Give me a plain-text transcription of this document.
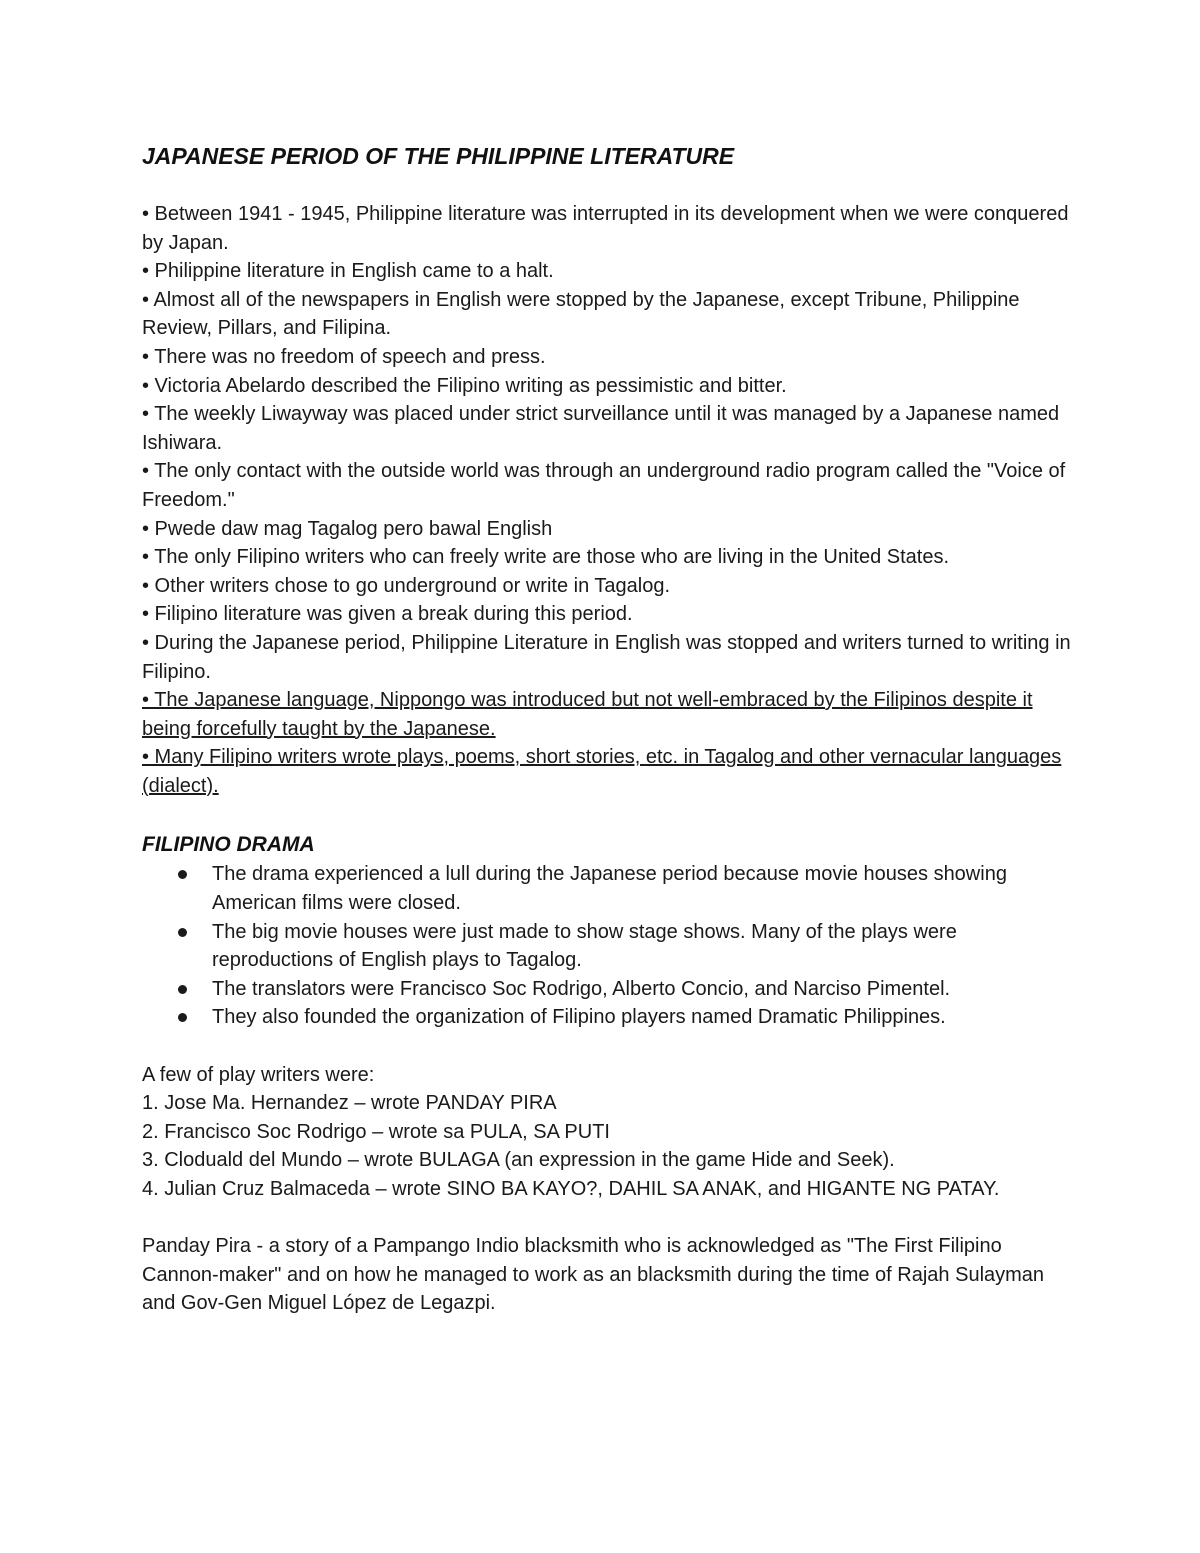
JAPANESE PERIOD OF THE PHILIPPINE LITERATURE

• Between 1941 - 1945, Philippine literature was interrupted in its development when we were conquered by Japan.

• Philippine literature in English came to a halt.

• Almost all of the newspapers in English were stopped by the Japanese, except Tribune, Philippine Review, Pillars, and Filipina.

• There was no freedom of speech and press.

• Victoria Abelardo described the Filipino writing as pessimistic and bitter.

• The weekly Liwayway was placed under strict surveillance until it was managed by a Japanese named Ishiwara.

• The only contact with the outside world was through an underground radio program called the "Voice of Freedom."

• Pwede daw mag Tagalog pero bawal English

• The only Filipino writers who can freely write are those who are living in the United States.

• Other writers chose to go underground or write in Tagalog.

• Filipino literature was given a break during this period.

• During the Japanese period, Philippine Literature in English was stopped and writers turned to writing in Filipino.

• The Japanese language, Nippongo was introduced but not well-embraced by the Filipinos despite it being forcefully taught by the Japanese.

• Many Filipino writers wrote plays, poems, short stories, etc. in Tagalog and other vernacular languages (dialect).

FILIPINO DRAMA
The drama experienced a lull during the Japanese period because movie houses showing American films were closed.
The big movie houses were just made to show stage shows. Many of the plays were reproductions of English plays to Tagalog.
The translators were Francisco Soc Rodrigo, Alberto Concio, and Narciso Pimentel.
They also founded the organization of Filipino players named Dramatic Philippines.

A few of play writers were:

1. Jose Ma. Hernandez – wrote PANDAY PIRA

2. Francisco Soc Rodrigo – wrote sa PULA, SA PUTI

3. Cloduald del Mundo – wrote BULAGA (an expression in the game Hide and Seek).

4. Julian Cruz Balmaceda – wrote SINO BA KAYO?, DAHIL SA ANAK, and HIGANTE NG PATAY.

Panday Pira - a story of a Pampango Indio blacksmith who is acknowledged as "The First Filipino Cannon-maker" and on how he managed to work as an blacksmith during the time of Rajah Sulayman and Gov-Gen Miguel López de Legazpi.
